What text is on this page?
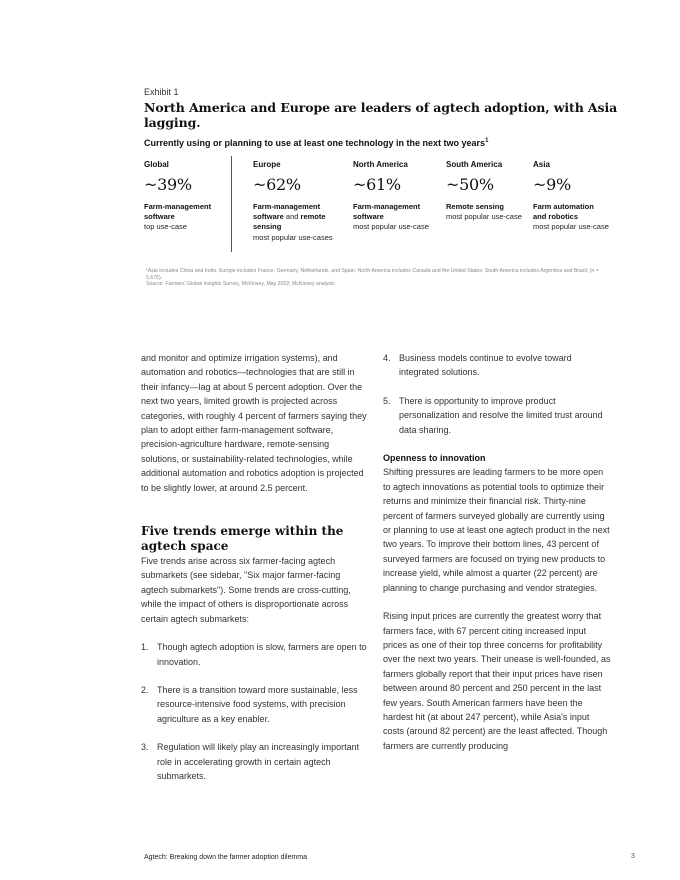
Exhibit 1
North America and Europe are leaders of agtech adoption, with Asia lagging.
Currently using or planning to use at least one technology in the next two years$^1$
Global
~39%
Farm-management software
top use-case
Europe
~62%
Farm-management software and remote sensing
most popular use-cases
North America
~61%
Farm-management software
most popular use-case
South America
~50%
Remote sensing
most popular use-case
Asia
~9%
Farm automation and robotics
most popular use-case
¹Asia includes China and India; Europe includes France, Germany, Netherlands, and Spain; North America includes Canada and the United States; South America includes Argentina and Brazil; (n = 5,675).
Source: Farmers' Global Insights Survey, McKinsey, May 2022; McKinsey analysis

and monitor and optimize irrigation systems), and automation and robotics—technologies that are still in their infancy—lag at about 5 percent adoption. Over the next two years, limited growth is projected across categories, with roughly 4 percent of farmers saying they plan to adopt either farm-management software, precision-agriculture hardware, remote-sensing solutions, or sustainability-related technologies, while additional automation and robotics adoption is projected to be slightly lower, at around 2.5 percent.

Five trends emerge within the agtech space

Five trends arise across six farmer-facing agtech submarkets (see sidebar, "Six major farmer-facing agtech submarkets"). Some trends are cross-cutting, while the impact of others is disproportionate across certain agtech submarkets:

1. Though agtech adoption is slow, farmers are open to innovation.
2. There is a transition toward more sustainable, less resource-intensive food systems, with precision agriculture as a key enabler.
3. Regulation will likely play an increasingly important role in accelerating growth in certain agtech submarkets.
4. Business models continue to evolve toward integrated solutions.
5. There is opportunity to improve product personalization and resolve the limited trust around data sharing.
Openness to innovation

Shifting pressures are leading farmers to be more open to agtech innovations as potential tools to optimize their returns and minimize their financial risk. Thirty-nine percent of farmers surveyed globally are currently using or planning to use at least one agtech product in the next two years. To improve their bottom lines, 43 percent of surveyed farmers are focused on trying new products to increase yield, while almost a quarter (22 percent) are planning to change purchasing and vendor strategies.

Rising input prices are currently the greatest worry that farmers face, with 67 percent citing increased input prices as one of their top three concerns for profitability over the next two years. Their unease is well-founded, as farmers globally report that their input prices have risen between around 80 percent and 250 percent in the last few years. South American farmers have been the hardest hit (at about 247 percent), while Asia's input costs (around 82 percent) are the least affected. Though farmers are currently producing

Agtech: Breaking down the farmer adoption dilemma	3
